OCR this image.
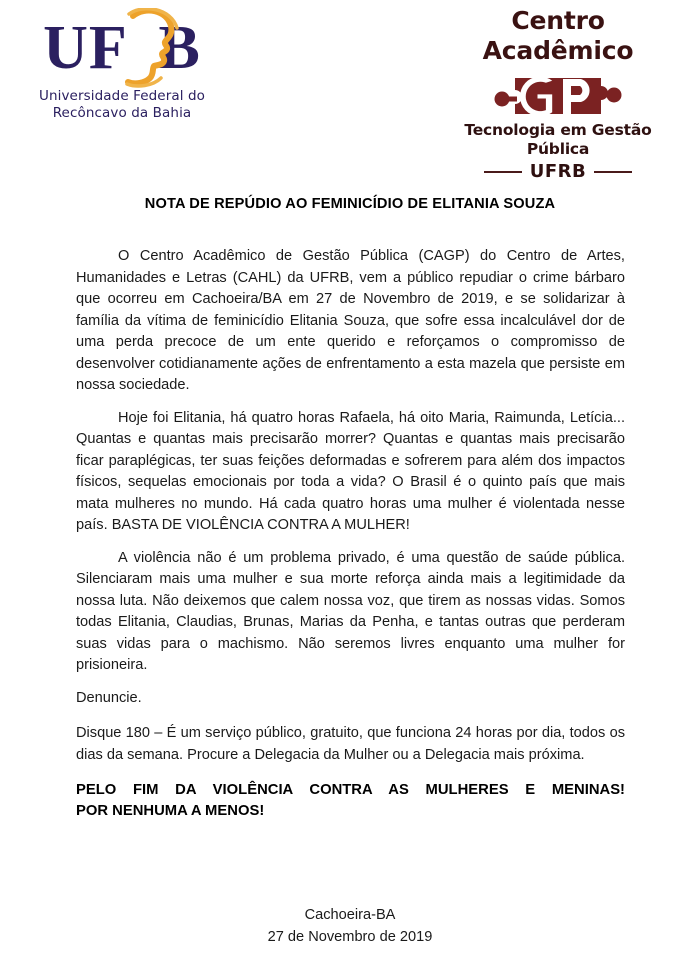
UF  B
Universidade Federal do
Recôncavo da Bahia
Centro Acadêmico
Tecnologia em Gestão Pública
UFRB
NOTA DE REPÚDIO AO FEMINICÍDIO DE ELITANIA SOUZA

O Centro Acadêmico de Gestão Pública (CAGP) do Centro de Artes, Humanidades e Letras (CAHL) da UFRB, vem a público repudiar o crime bárbaro que ocorreu em Cachoeira/BA em 27 de Novembro de 2019, e se solidarizar à família da vítima de feminicídio Elitania Souza, que sofre essa incalculável dor de uma perda precoce de um ente querido e reforçamos o compromisso de desenvolver cotidianamente ações de enfrentamento a esta mazela que persiste em nossa sociedade.

Hoje foi Elitania, há quatro horas Rafaela, há oito Maria, Raimunda, Letícia... Quantas e quantas mais precisarão morrer? Quantas e quantas mais precisarão ficar paraplégicas, ter suas feições deformadas e sofrerem para além dos impactos físicos, sequelas emocionais por toda a vida? O Brasil é o quinto país que mais mata mulheres no mundo. Há cada quatro horas uma mulher é violentada nesse país. BASTA DE VIOLÊNCIA CONTRA A MULHER!

A violência não é um problema privado, é uma questão de saúde pública. Silenciaram mais uma mulher e sua morte reforça ainda mais a legitimidade da nossa luta. Não deixemos que calem nossa voz, que tirem as nossas vidas. Somos todas Elitania, Claudias, Brunas, Marias da Penha, e tantas outras que perderam suas vidas para o machismo. Não seremos livres enquanto uma mulher for prisioneira.

Denuncie.

Disque 180 – É um serviço público, gratuito, que funciona 24 horas por dia, todos os dias da semana. Procure a Delegacia da Mulher ou a Delegacia mais próxima.

PELO FIM DA VIOLÊNCIA CONTRA AS MULHERES E MENINAS!
POR NENHUMA A MENOS!
Cachoeira-BA
27 de Novembro de 2019
